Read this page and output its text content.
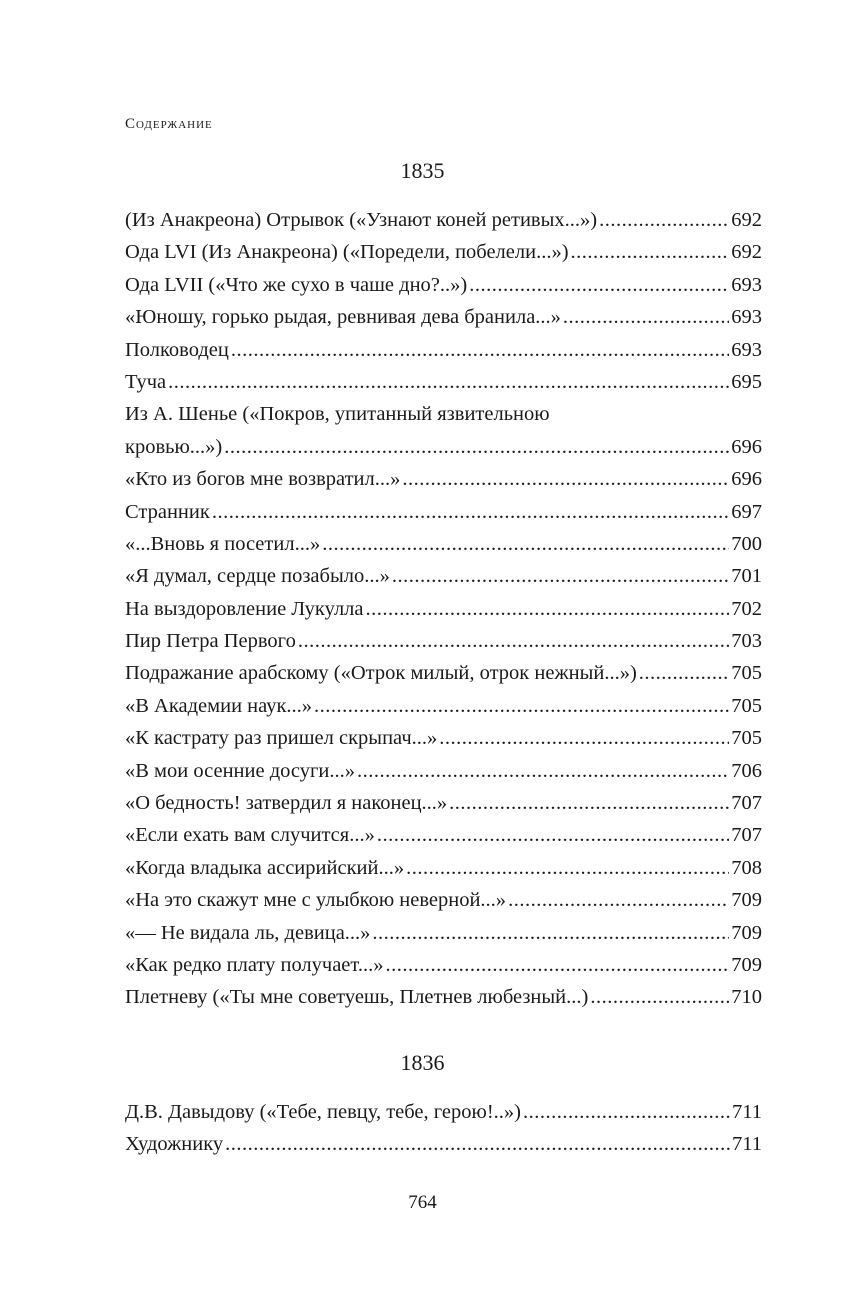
Содержание
1835
(Из Анакреона) Отрывок («Узнают коней ретивых...») .....	692
Ода LVI (Из Анакреона) («Поредели, побелели...») .....	692
Ода LVII («Что же сухо в чаше дно?..») .....	693
«Юношу, горько рыдая, ревнивая дева бранила...» .....	693
Полководец .....	693
Туча .....	695
Из А. Шенье («Покров, упитанный язвительною
кровью...») .....	696
«Кто из богов мне возвратил...» .....	696
Странник .....	697
«...Вновь я посетил...» .....	700
«Я думал, сердце позабыло...» .....	701
На выздоровление Лукулла .....	702
Пир Петра Первого .....	703
Подражание арабскому («Отрок милый, отрок нежный...») .....	705
«В Академии наук...» .....	705
«К кастрату раз пришел скрыпач...» .....	705
«В мои осенние досуги...» .....	706
«О бедность! затвердил я наконец...» .....	707
«Если ехать вам случится...» .....	707
«Когда владыка ассирийский...» .....	708
«На это скажут мне с улыбкою неверной...» .....	709
«— Не видала ль, девица...» .....	709
«Как редко плату получает...» .....	709
Плетневу («Ты мне советуешь, Плетнев любезный...) .....	710
1836
Д.В. Давыдову («Тебе, певцу, тебе, герою!..») .....	711
Художнику .....	711
764
